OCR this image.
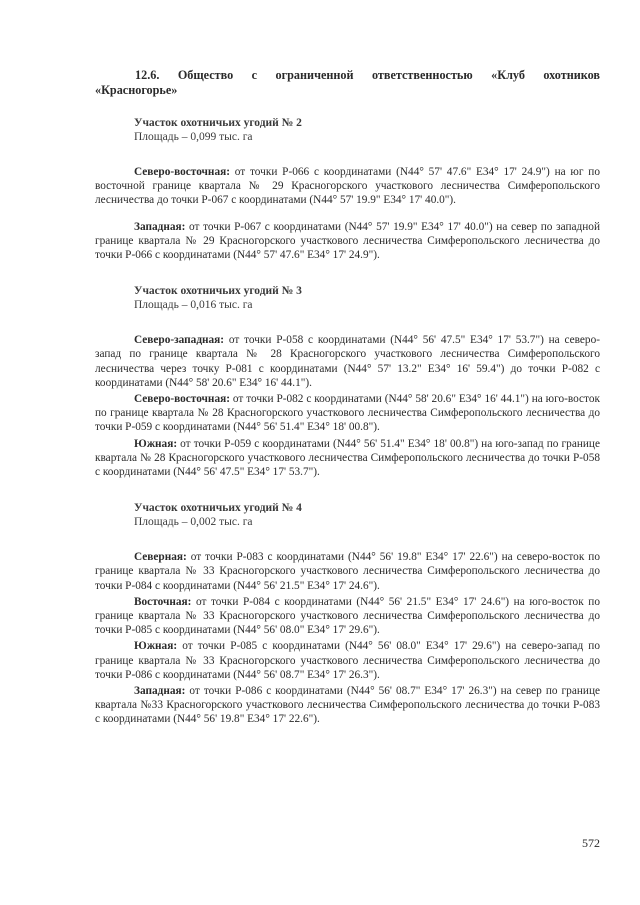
12.6. Общество с ограниченной ответственностью «Клуб охотников

«Красногорье»

Участок охотничьих угодий № 2

Площадь – 0,099 тыс. га

Северо-восточная: от точки Р-066 с координатами (N44° 57' 47.6" E34° 17' 24.9") на юг по восточной границе квартала № 29 Красногорского участкового лесничества Симферопольского лесничества до точки Р-067 с координатами (N44° 57' 19.9" E34° 17' 40.0").

Западная: от точки Р-067 с координатами (N44° 57' 19.9" E34° 17' 40.0") на север по западной границе квартала № 29 Красногорского участкового лесничества Симферопольского лесничества до точки Р-066 с координатами (N44° 57' 47.6" E34° 17' 24.9").

Участок охотничьих угодий № 3

Площадь – 0,016 тыс. га

Северо-западная: от точки Р-058 с координатами (N44° 56' 47.5" E34° 17' 53.7") на северо-запад по границе квартала № 28 Красногорского участкового лесничества Симферопольского лесничества через точку Р-081 с координатами (N44° 57' 13.2" E34° 16' 59.4") до точки Р-082 с координатами (N44° 58' 20.6" E34° 16' 44.1").

Северо-восточная: от точки Р-082 с координатами (N44° 58' 20.6" E34° 16' 44.1") на юго-восток по границе квартала № 28 Красногорского участкового лесничества Симферопольского лесничества до точки Р-059 с координатами (N44° 56' 51.4" E34° 18' 00.8").

Южная: от точки Р-059 с координатами (N44° 56' 51.4" E34° 18' 00.8") на юго-запад по границе квартала № 28 Красногорского участкового лесничества Симферопольского лесничества до точки Р-058 с координатами (N44° 56' 47.5" E34° 17' 53.7").

Участок охотничьих угодий № 4

Площадь – 0,002 тыс. га

Северная: от точки Р-083 с координатами (N44° 56' 19.8" E34° 17' 22.6") на северо-восток по границе квартала № 33 Красногорского участкового лесничества Симферопольского лесничества до точки Р-084 с координатами (N44° 56' 21.5" E34° 17' 24.6").

Восточная: от точки Р-084 с координатами (N44° 56' 21.5" E34° 17' 24.6") на юго-восток по границе квартала № 33 Красногорского участкового лесничества Симферопольского лесничества до точки Р-085 с координатами (N44° 56' 08.0" E34° 17' 29.6").

Южная: от точки Р-085 с координатами (N44° 56' 08.0" E34° 17' 29.6") на северо-запад по границе квартала № 33 Красногорского участкового лесничества Симферопольского лесничества до точки Р-086 с координатами (N44° 56' 08.7" E34° 17' 26.3").

Западная: от точки Р-086 с координатами (N44° 56' 08.7" E34° 17' 26.3") на север по границе квартала №33 Красногорского участкового лесничества Симферопольского лесничества до точки Р-083 с координатами (N44° 56' 19.8" E34° 17' 22.6").

572
